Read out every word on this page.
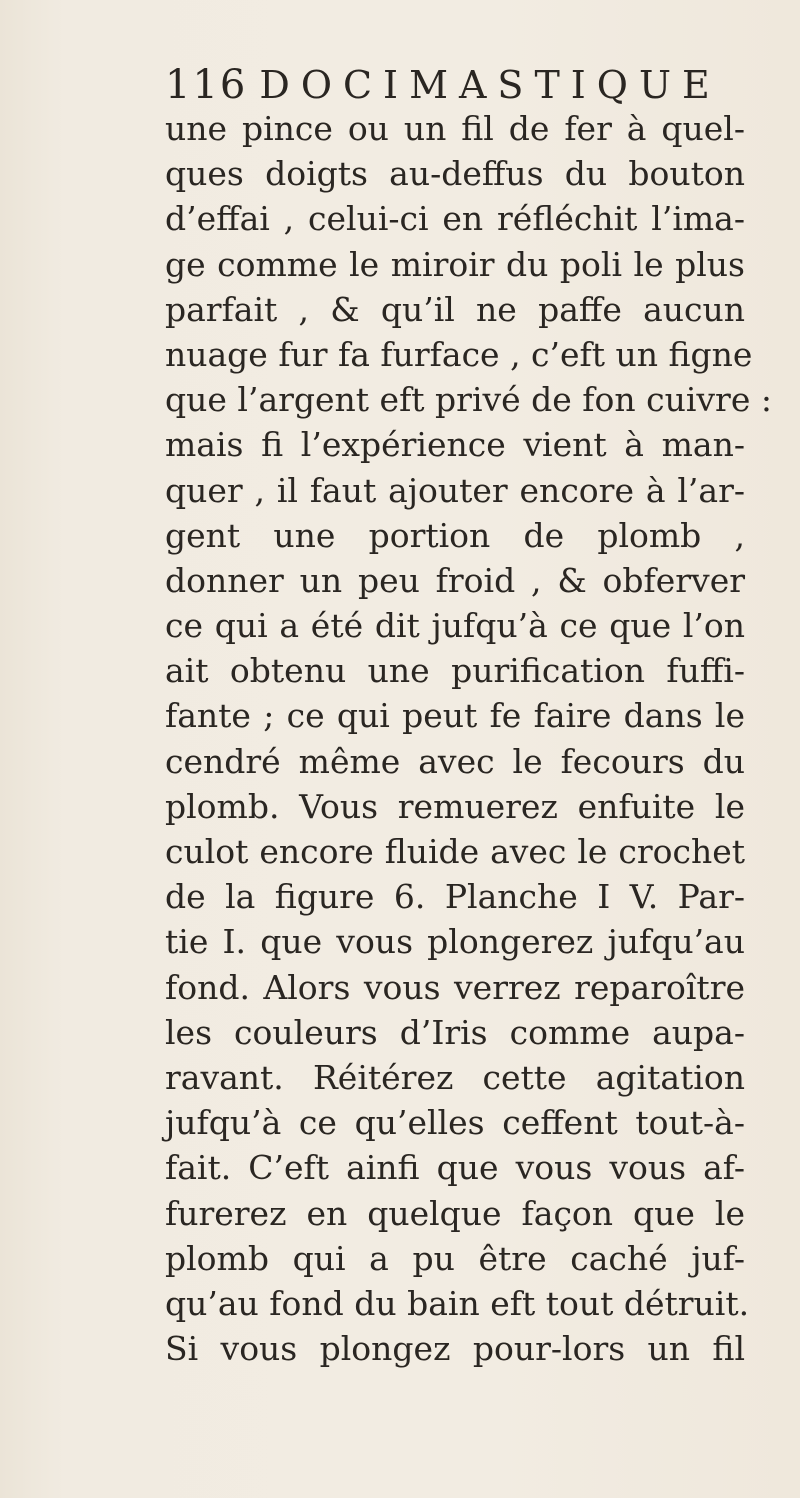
116 DOCIMASTIQUE
une pince ou un fil de fer à quel-
ques doigts au-deffus du bouton
d’effai , celui-ci en réfléchit l’ima-
ge comme le miroir du poli le plus
parfait , & qu’il ne paffe aucun
nuage fur fa furface , c’eft un figne
que l’argent eft privé de fon cuivre :
mais fi l’expérience vient à man-
quer , il faut ajouter encore à l’ar-
gent une portion de plomb ,
donner un peu froid , & obferver
ce qui a été dit jufqu’à ce que l’on
ait obtenu une purification fuffi-
fante ; ce qui peut fe faire dans le
cendré même avec le fecours du
plomb. Vous remuerez enfuite le
culot encore fluide avec le crochet
de la figure 6. Planche I V. Par-
tie I. que vous plongerez jufqu’au
fond. Alors vous verrez reparoître
les couleurs d’Iris comme aupa-
ravant. Réitérez cette agitation
jufqu’à ce qu’elles ceffent tout-à-
fait. C’eft ainfi que vous vous af-
furerez en quelque façon que le
plomb qui a pu être caché juf-
qu’au fond du bain eft tout détruit.
Si vous plongez pour-lors un fil
